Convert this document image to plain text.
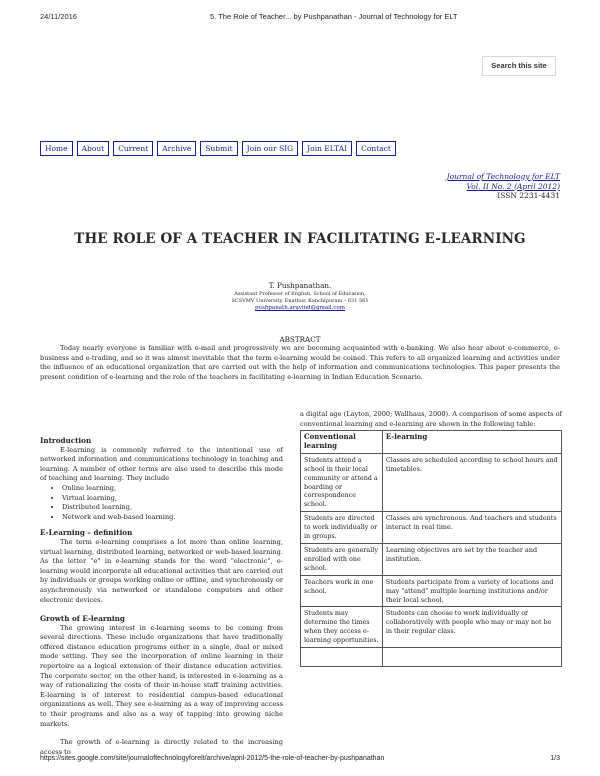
24/11/2016	5. The Role of Teacher... by Pushpanathan - Journal of Technology for ELT
Search this site
Home	About	Current	Archive	Submit	Join our SIG	Join ELTAI	Contact
Journal of Technology for ELT
Vol. II No. 2 (April 2012)
ISSN 2231-4431
THE ROLE OF A TEACHER IN FACILITATING E-LEARNING
T. Pushpanathan.
Assistant Professor of English, School of Education,
SCSVMV University, Enathur, Kanchipuram – 631 561
pushpanath.aravind@gmail.com
ABSTRACT
Today nearly everyone is familiar with e-mail and progressively we are becoming acquainted with e-banking. We also hear about e-commerce, e-business and e-trading, and so it was almost inevitable that the term e-learning would be coined. This refers to all organized learning and activities under the influence of an educational organization that are carried out with the help of information and communications technologies. This paper presents the present condition of e-learning and the role of the teachers in facilitating e-learning in Indian Education Scenario.
Introduction

E-learning is commonly referred to the intentional use of networked information and communications technology in teaching and learning. A number of other terms are also used to describe this mode of teaching and learning. They include

• Online learning,
• Virtual learning,
• Distributed learning,
• Network and web-based learning.
E-Learning – definition

The term e-learning comprises a lot more than online learning, virtual learning, distributed learning, networked or web-based learning. As the letter "e" in e-learning stands for the word "electronic", e-learning would incorporate all educational activities that are carried out by individuals or groups working online or offline, and synchronously or asynchronously via networked or standalone computers and other electronic devices.

Growth of E-learning

The growing interest in e-learning seems to be coming from several directions. These include organizations that have traditionally offered distance education programs either in a single, dual or mixed mode setting. They see the incorporation of online learning in their repertoire as a logical extension of their distance education activities. The corporate sector, on the other hand, is interested in e-learning as a way of rationalizing the costs of their in-house staff training activities. E-learning is of interest to residential campus-based educational organizations as well. They see e-learning as a way of improving access to their programs and also as a way of tapping into growing niche markets.

The growth of e-learning is directly related to the increasing access to

a digital age (Layton, 2000; Wallhaus, 2000). A comparison of some aspects of conventional learning and e-learning are shown in the following table:
Conventional learning	E-learning
Students attend a school in their local community or attend a boarding or correspondence school.	Classes are scheduled according to school hours and timetables.
Students are directed to work individually or in groups.	Classes are synchronous. And teachers and students interact in real time.
Students are generally enrolled with one school.	Learning objectives are set by the teacher and institution.
Teachers work in one school.	Students participate from a variety of locations and may "attend" multiple learning institutions and/or their local school.
Students may determine the times when they access e-learning opportunities.	Students can choose to work individually or collaboratively with people who may or may not be in their regular class.

https://sites.google.com/site/journaloftechnologyforelt/archive/april-2012/5-the-role-of-teacher-by-pushpanathan	1/3
